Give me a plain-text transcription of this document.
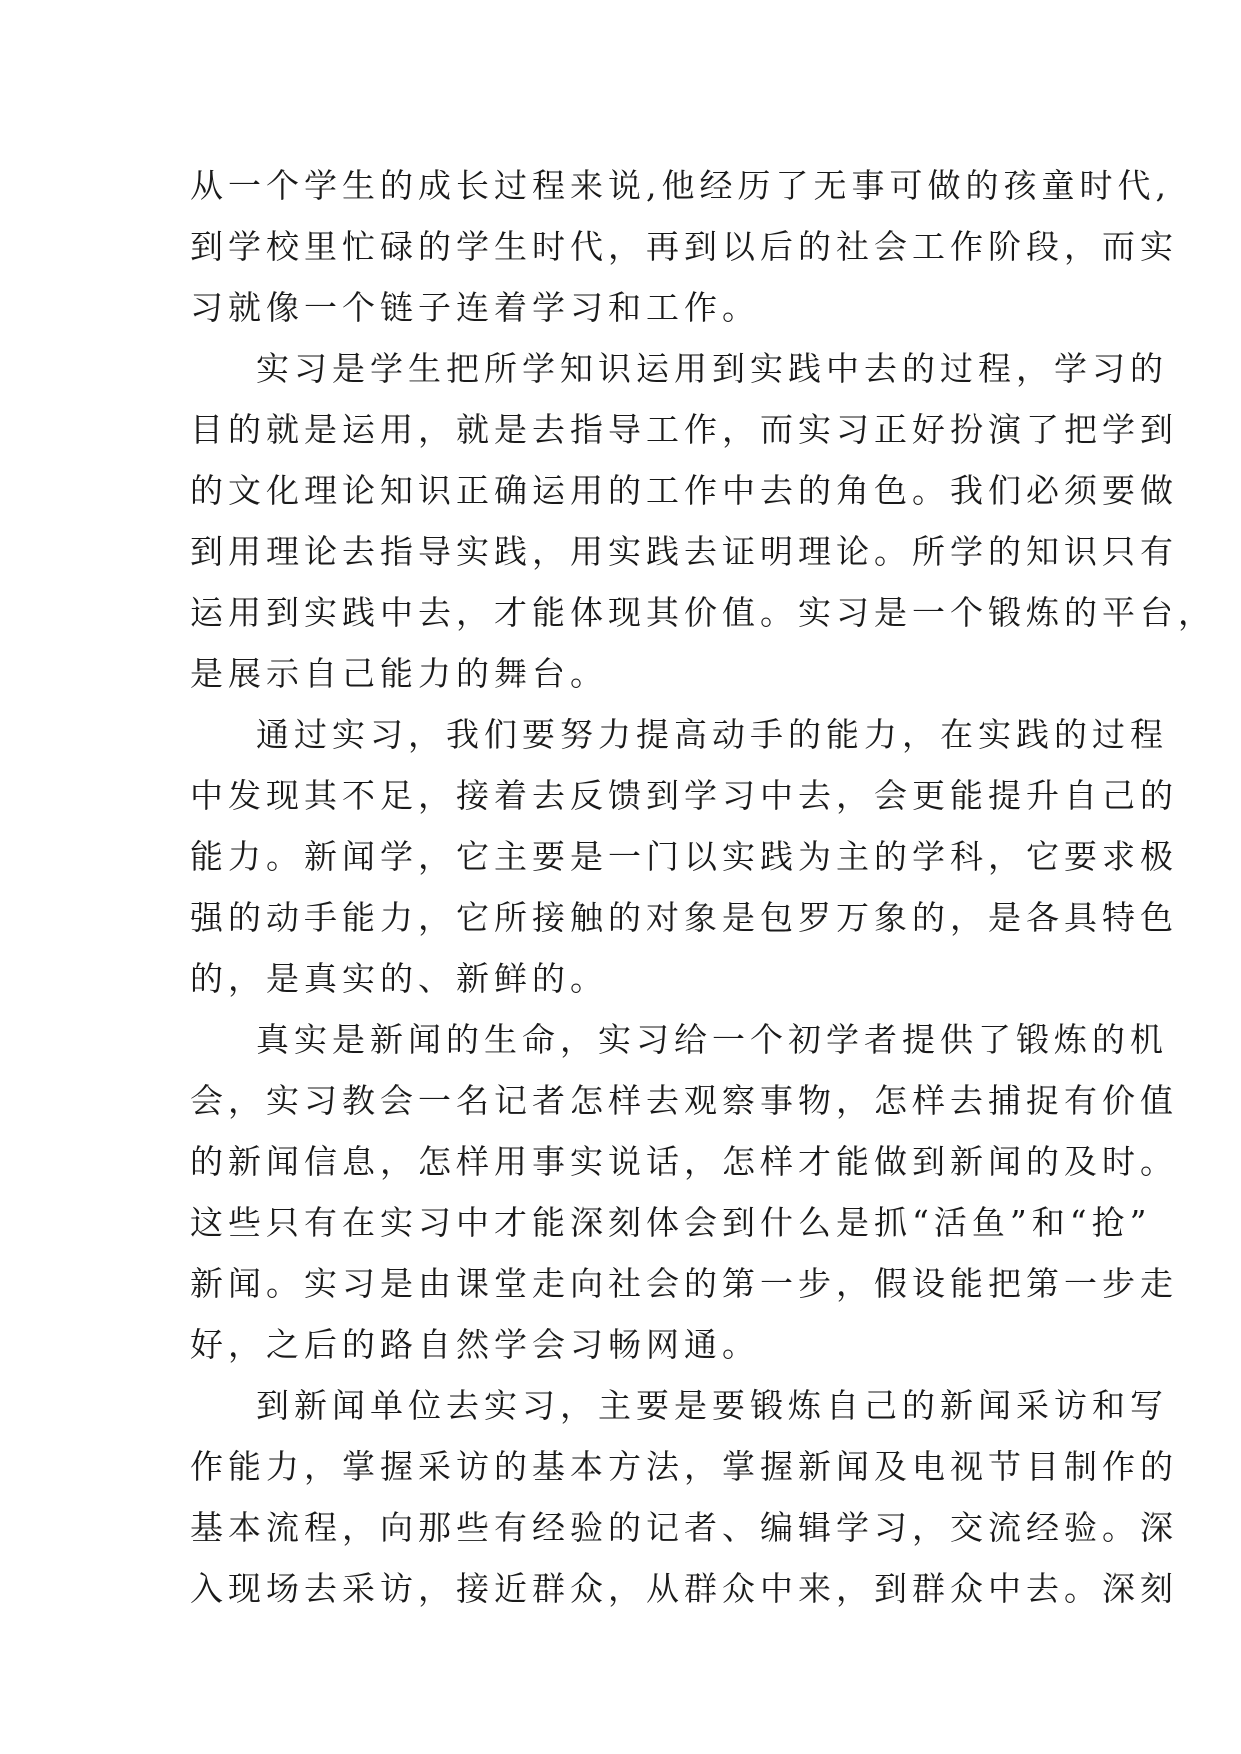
从一个学生的成长过程来说,他经历了无事可做的孩童时代,
到学校里忙碌的学生时代，再到以后的社会工作阶段，而实
习就像一个链子连着学习和工作。
实习是学生把所学知识运用到实践中去的过程，学习的
目的就是运用，就是去指导工作，而实习正好扮演了把学到
的文化理论知识正确运用的工作中去的角色。我们必须要做
到用理论去指导实践，用实践去证明理论。所学的知识只有
运用到实践中去，才能体现其价值。实习是一个锻炼的平台，
是展示自己能力的舞台。
通过实习，我们要努力提高动手的能力，在实践的过程
中发现其不足，接着去反馈到学习中去，会更能提升自己的
能力。新闻学，它主要是一门以实践为主的学科，它要求极
强的动手能力，它所接触的对象是包罗万象的，是各具特色
的，是真实的、新鲜的。
真实是新闻的生命，实习给一个初学者提供了锻炼的机
会，实习教会一名记者怎样去观察事物，怎样去捕捉有价值
的新闻信息，怎样用事实说话，怎样才能做到新闻的及时。
这些只有在实习中才能深刻体会到什么是抓“活鱼”和“抢”
新闻。实习是由课堂走向社会的第一步，假设能把第一步走
好，之后的路自然学会习畅网通。
到新闻单位去实习，主要是要锻炼自己的新闻采访和写
作能力，掌握采访的基本方法，掌握新闻及电视节目制作的
基本流程，向那些有经验的记者、编辑学习，交流经验。深
入现场去采访，接近群众，从群众中来，到群众中去。深刻
